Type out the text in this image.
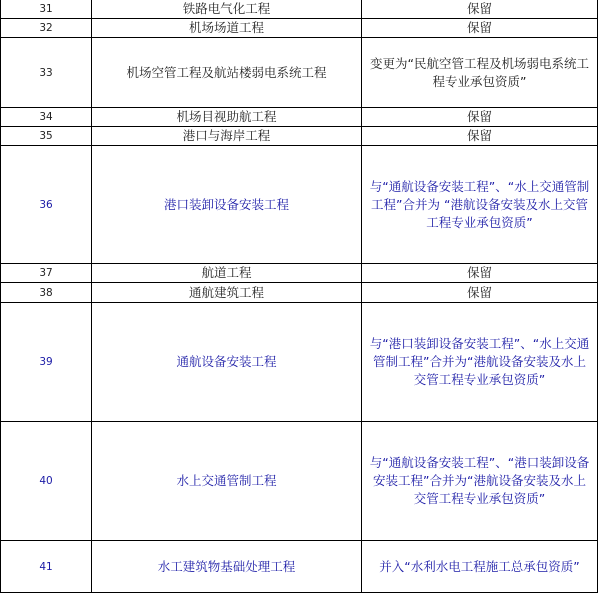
31	铁路电气化工程	保留
32	机场场道工程	保留
33	机场空管工程及航站楼弱电系统工程	变更为“民航空管工程及机场弱电系统工程专业承包资质”
34	机场目视助航工程	保留
35	港口与海岸工程	保留
36	港口装卸设备安装工程	与“通航设备安装工程”、“水上交通管制工程”合并为 “港航设备安装及水上交管工程专业承包资质”
37	航道工程	保留
38	通航建筑工程	保留
39	通航设备安装工程	与“港口装卸设备安装工程”、“水上交通管制工程”合并为“港航设备安装及水上交管工程专业承包资质”
40	水上交通管制工程	与“通航设备安装工程”、“港口装卸设备安装工程”合并为“港航设备安装及水上交管工程专业承包资质”
41	水工建筑物基础处理工程	并入“水利水电工程施工总承包资质”
